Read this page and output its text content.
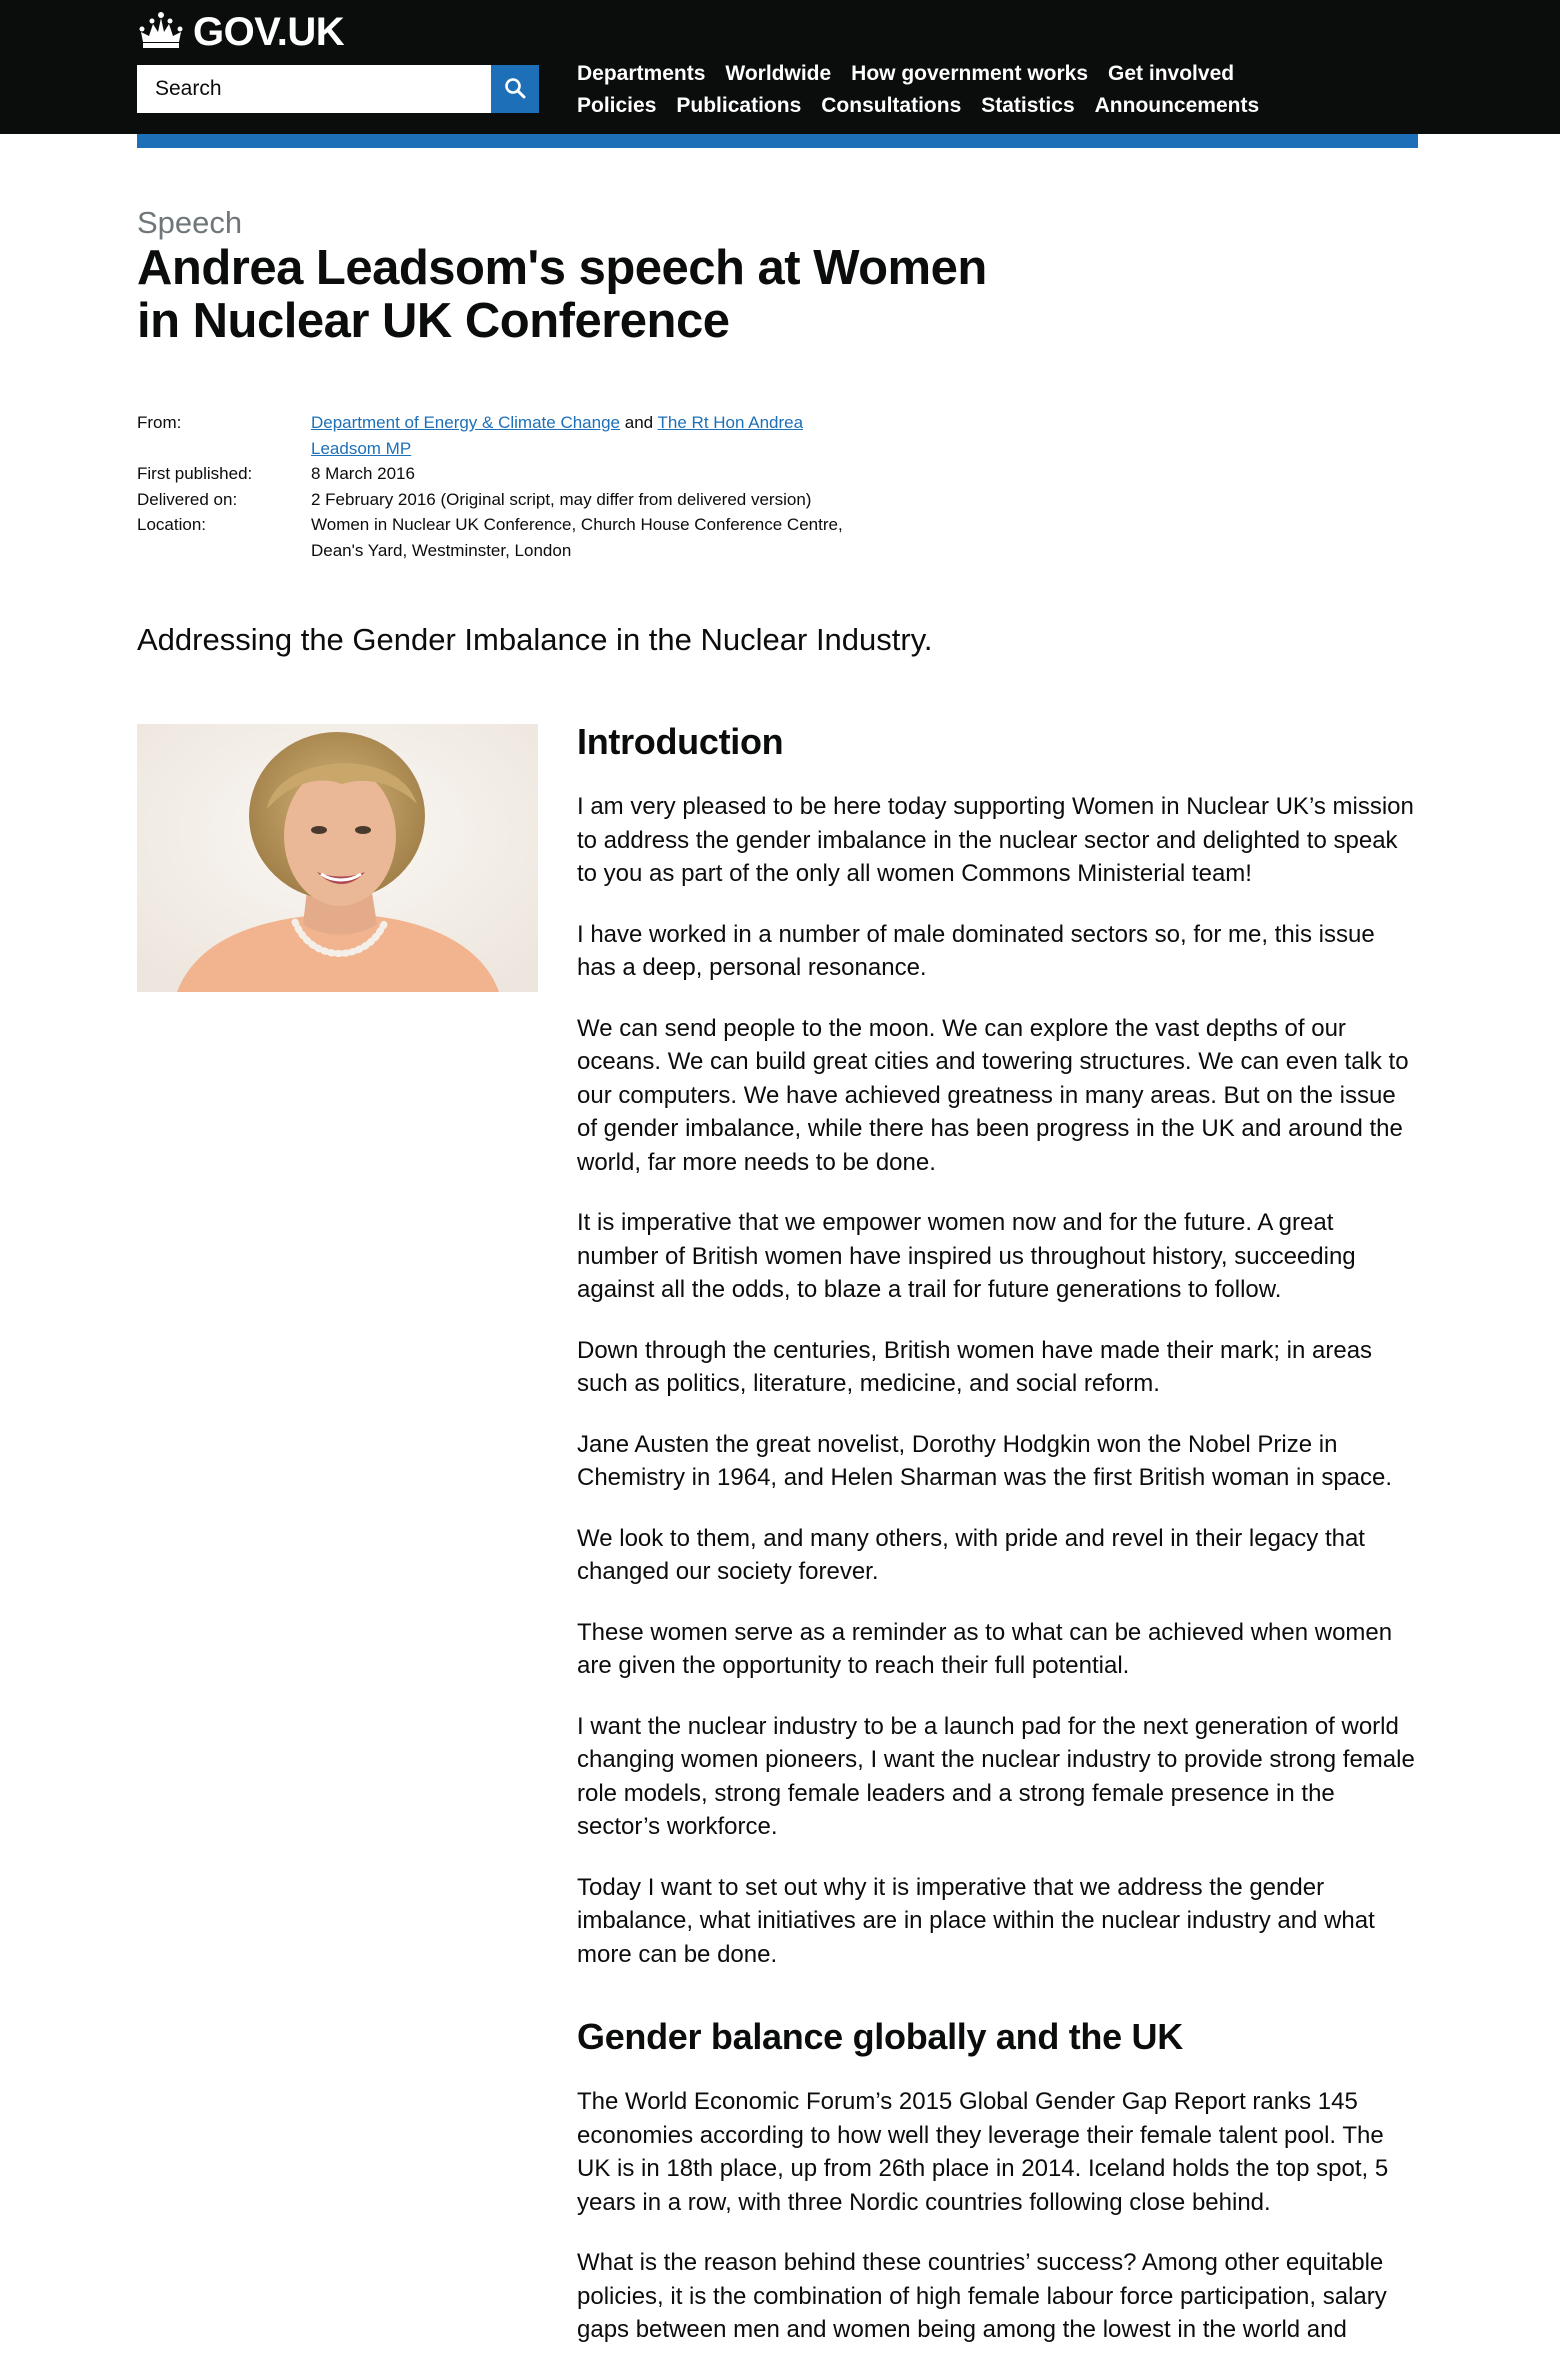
GOV.UK
Search
Departments Worldwide How government works Get involved
Policies Publications Consultations Statistics Announcements
Speech
Andrea Leadsom's speech at Women in Nuclear UK Conference
From:	Department of Energy & Climate Change and The Rt Hon Andrea Leadsom MP
First published:	8 March 2016
Delivered on:	2 February 2016 (Original script, may differ from delivered version)
Location:	Women in Nuclear UK Conference, Church House Conference Centre, Dean's Yard, Westminster, London

Addressing the Gender Imbalance in the Nuclear Industry.

Introduction

I am very pleased to be here today supporting Women in Nuclear UK’s mission to address the gender imbalance in the nuclear sector and delighted to speak to you as part of the only all women Commons Ministerial team!

I have worked in a number of male dominated sectors so, for me, this issue has a deep, personal resonance.

We can send people to the moon. We can explore the vast depths of our oceans. We can build great cities and towering structures. We can even talk to our computers. We have achieved greatness in many areas. But on the issue of gender imbalance, while there has been progress in the UK and around the world, far more needs to be done.

It is imperative that we empower women now and for the future. A great number of British women have inspired us throughout history, succeeding against all the odds, to blaze a trail for future generations to follow.

Down through the centuries, British women have made their mark; in areas such as politics, literature, medicine, and social reform.

Jane Austen the great novelist, Dorothy Hodgkin won the Nobel Prize in Chemistry in 1964, and Helen Sharman was the first British woman in space.

We look to them, and many others, with pride and revel in their legacy that changed our society forever.

These women serve as a reminder as to what can be achieved when women are given the opportunity to reach their full potential.

I want the nuclear industry to be a launch pad for the next generation of world changing women pioneers, I want the nuclear industry to provide strong female role models, strong female leaders and a strong female presence in the sector’s workforce.

Today I want to set out why it is imperative that we address the gender imbalance, what initiatives are in place within the nuclear industry and what more can be done.

Gender balance globally and the UK

The World Economic Forum’s 2015 Global Gender Gap Report ranks 145 economies according to how well they leverage their female talent pool. The UK is in 18th place, up from 26th place in 2014. Iceland holds the top spot, 5 years in a row, with three Nordic countries following close behind.

What is the reason behind these countries’ success? Among other equitable policies, it is the combination of high female labour force participation, salary gaps between men and women being among the lowest in the world and
